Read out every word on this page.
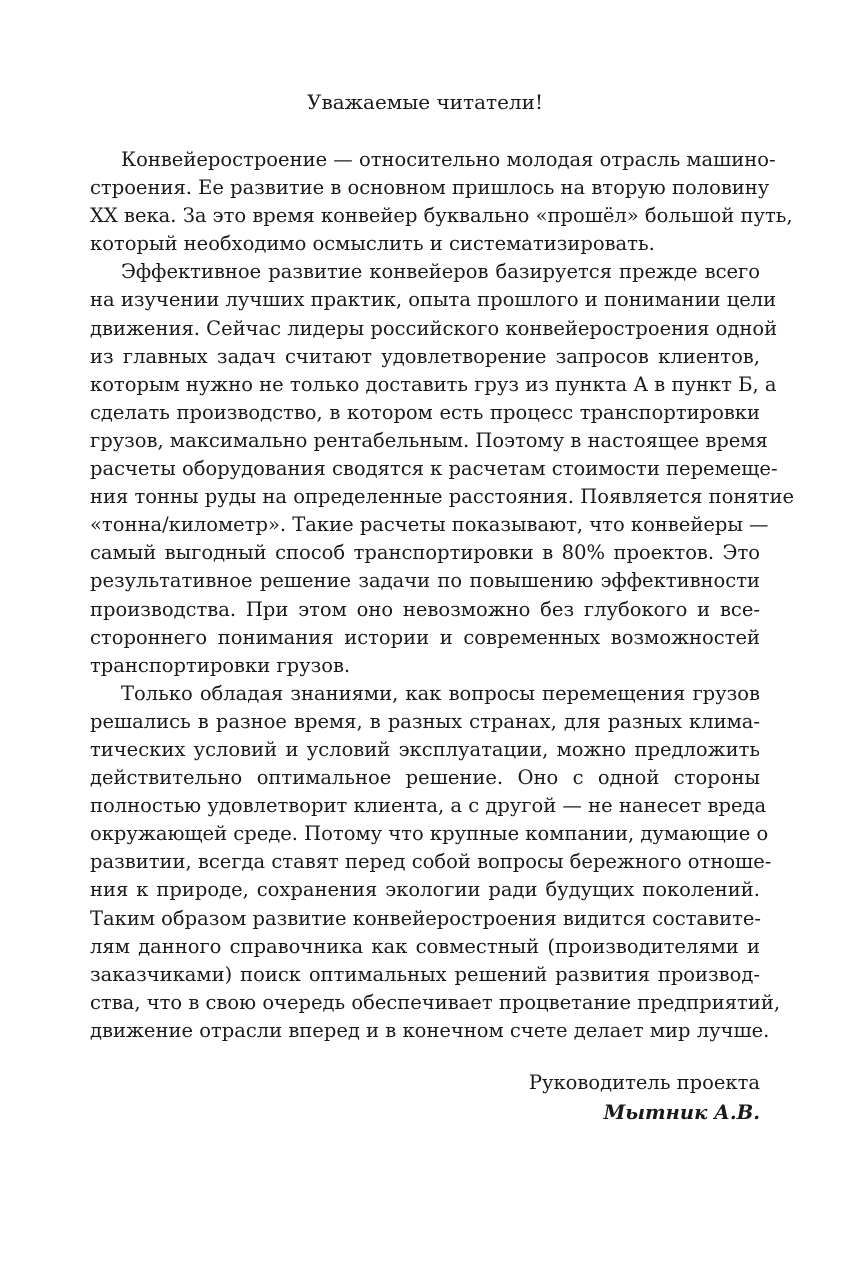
Уважаемые читатели!
Конвейеростроение — относительно молодая отрасль машино-
строения. Ее развитие в основном пришлось на вторую половину
XX века. За это время конвейер буквально «прошёл» большой путь,
который необходимо осмыслить и систематизировать.
Эффективное развитие конвейеров базируется прежде всего
на изучении лучших практик, опыта прошлого и понимании цели
движения. Сейчас лидеры российского конвейеростроения одной
из главных задач считают удовлетворение запросов клиентов,
которым нужно не только доставить груз из пункта А в пункт Б, а
сделать производство, в котором есть процесс транспортировки
грузов, максимально рентабельным. Поэтому в настоящее время
расчеты оборудования сводятся к расчетам стоимости перемеще-
ния тонны руды на определенные расстояния. Появляется понятие
«тонна/километр». Такие расчеты показывают, что конвейеры —
самый выгодный способ транспортировки в 80% проектов. Это
результативное решение задачи по повышению эффективности
производства. При этом оно невозможно без глубокого и все-
стороннего понимания истории и современных возможностей
транспортировки грузов.
Только обладая знаниями, как вопросы перемещения грузов
решались в разное время, в разных странах, для разных клима-
тических условий и условий эксплуатации, можно предложить
действительно оптимальное решение. Оно с одной стороны
полностью удовлетворит клиента, а с другой — не нанесет вреда
окружающей среде. Потому что крупные компании, думающие о
развитии, всегда ставят перед собой вопросы бережного отноше-
ния к природе, сохранения экологии ради будущих поколений.
Таким образом развитие конвейеростроения видится составите-
лям данного справочника как совместный (производителями и
заказчиками) поиск оптимальных решений развития производ-
ства, что в свою очередь обеспечивает процветание предприятий,
движение отрасли вперед и в конечном счете делает мир лучше.
Руководитель проекта
Мытник А.В.
